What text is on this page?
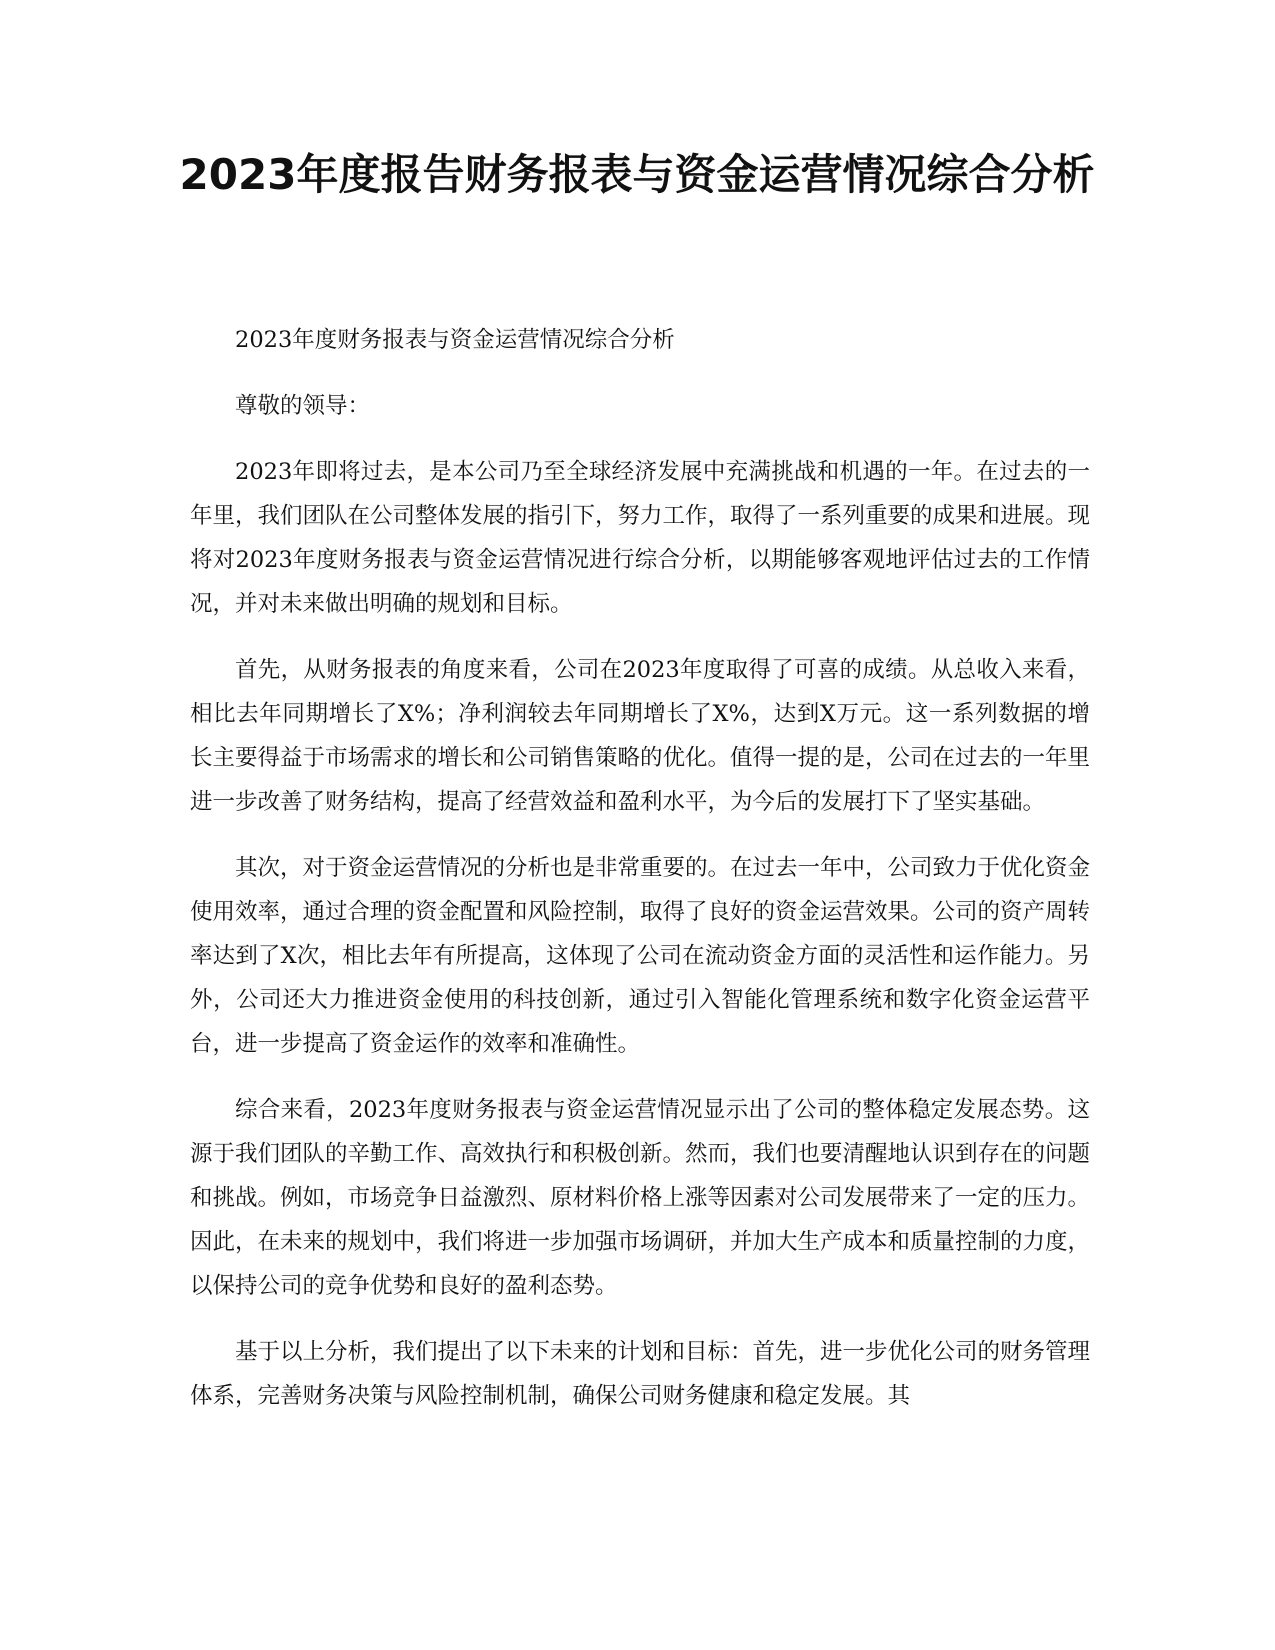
2023年度报告财务报表与资金运营情况综合分析

2023年度财务报表与资金运营情况综合分析

尊敬的领导：

2023年即将过去，是本公司乃至全球经济发展中充满挑战和机遇的一年。在过去的一年里，我们团队在公司整体发展的指引下，努力工作，取得了一系列重要的成果和进展。现将对2023年度财务报表与资金运营情况进行综合分析，以期能够客观地评估过去的工作情况，并对未来做出明确的规划和目标。

首先，从财务报表的角度来看，公司在2023年度取得了可喜的成绩。从总收入来看，相比去年同期增长了X%；净利润较去年同期增长了X%，达到X万元。这一系列数据的增长主要得益于市场需求的增长和公司销售策略的优化。值得一提的是，公司在过去的一年里进一步改善了财务结构，提高了经营效益和盈利水平，为今后的发展打下了坚实基础。

其次，对于资金运营情况的分析也是非常重要的。在过去一年中，公司致力于优化资金使用效率，通过合理的资金配置和风险控制，取得了良好的资金运营效果。公司的资产周转率达到了X次，相比去年有所提高，这体现了公司在流动资金方面的灵活性和运作能力。另外，公司还大力推进资金使用的科技创新，通过引入智能化管理系统和数字化资金运营平台，进一步提高了资金运作的效率和准确性。

综合来看，2023年度财务报表与资金运营情况显示出了公司的整体稳定发展态势。这源于我们团队的辛勤工作、高效执行和积极创新。然而，我们也要清醒地认识到存在的问题和挑战。例如，市场竞争日益激烈、原材料价格上涨等因素对公司发展带来了一定的压力。因此，在未来的规划中，我们将进一步加强市场调研，并加大生产成本和质量控制的力度，以保持公司的竞争优势和良好的盈利态势。

基于以上分析，我们提出了以下未来的计划和目标：首先，进一步优化公司的财务管理体系，完善财务决策与风险控制机制，确保公司财务健康和稳定发展。其
